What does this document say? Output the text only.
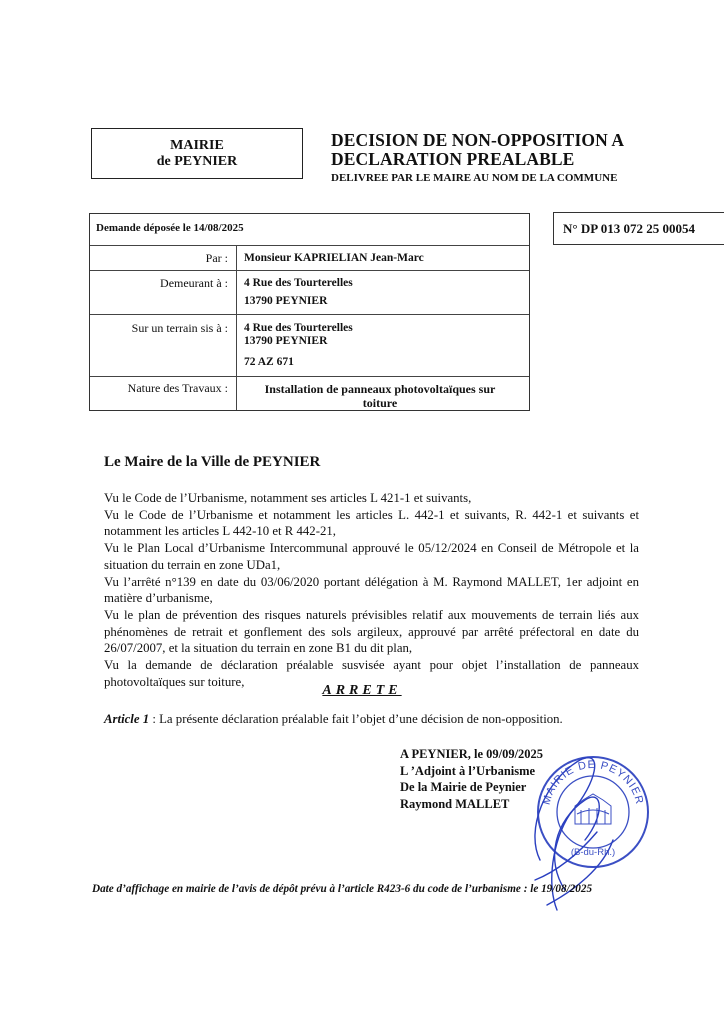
MAIRIE
de PEYNIER
DECISION DE NON-OPPOSITION A
DECLARATION PREALABLE
DELIVREE PAR LE MAIRE AU NOM DE LA COMMUNE
Demande déposée le 14/08/2025
Par : Monsieur KAPRIELIAN Jean-Marc
Demeurant à : 4 Rue des Tourterelles
13790 PEYNIER
Sur un terrain sis à : 4 Rue des Tourterelles
13790 PEYNIER
72 AZ 671
Nature des Travaux :	Installation de panneaux photovoltaïques sur
toiture
N° DP 013 072 25 00054
Le Maire de la Ville de PEYNIER

Vu le Code de l’Urbanisme, notamment ses articles L 421-1 et suivants,

Vu le Code de l’Urbanisme et notamment les articles L. 442-1 et suivants, R. 442-1 et suivants et notamment les articles L 442-10 et R 442-21,

Vu le Plan Local d’Urbanisme Intercommunal approuvé le 05/12/2024 en Conseil de Métropole et la situation du terrain en zone UDa1,

Vu l’arrêté n°139 en date du 03/06/2020 portant délégation à M. Raymond MALLET, 1er adjoint en matière d’urbanisme,

Vu le plan de prévention des risques naturels prévisibles relatif aux mouvements de terrain liés aux phénomènes de retrait et gonflement des sols argileux, approuvé par arrêté préfectoral en date du 26/07/2007, et la situation du terrain en zone B1 du dit plan,

Vu la demande de déclaration préalable susvisée ayant pour objet l’installation de panneaux photovoltaïques sur toiture,

ARRETE
Article 1 : La présente déclaration préalable fait l’objet d’une décision de non-opposition.
A PEYNIER, le 09/09/2025
L ’Adjoint à l’Urbanisme
De la Mairie de Peynier
Raymond MALLET	MAIRIE DE PEYNIER
(B-du-Rh.)
Date d’affichage en mairie de l’avis de dépôt prévu à l’article R423-6 du code de l’urbanisme : le 19/08/2025
